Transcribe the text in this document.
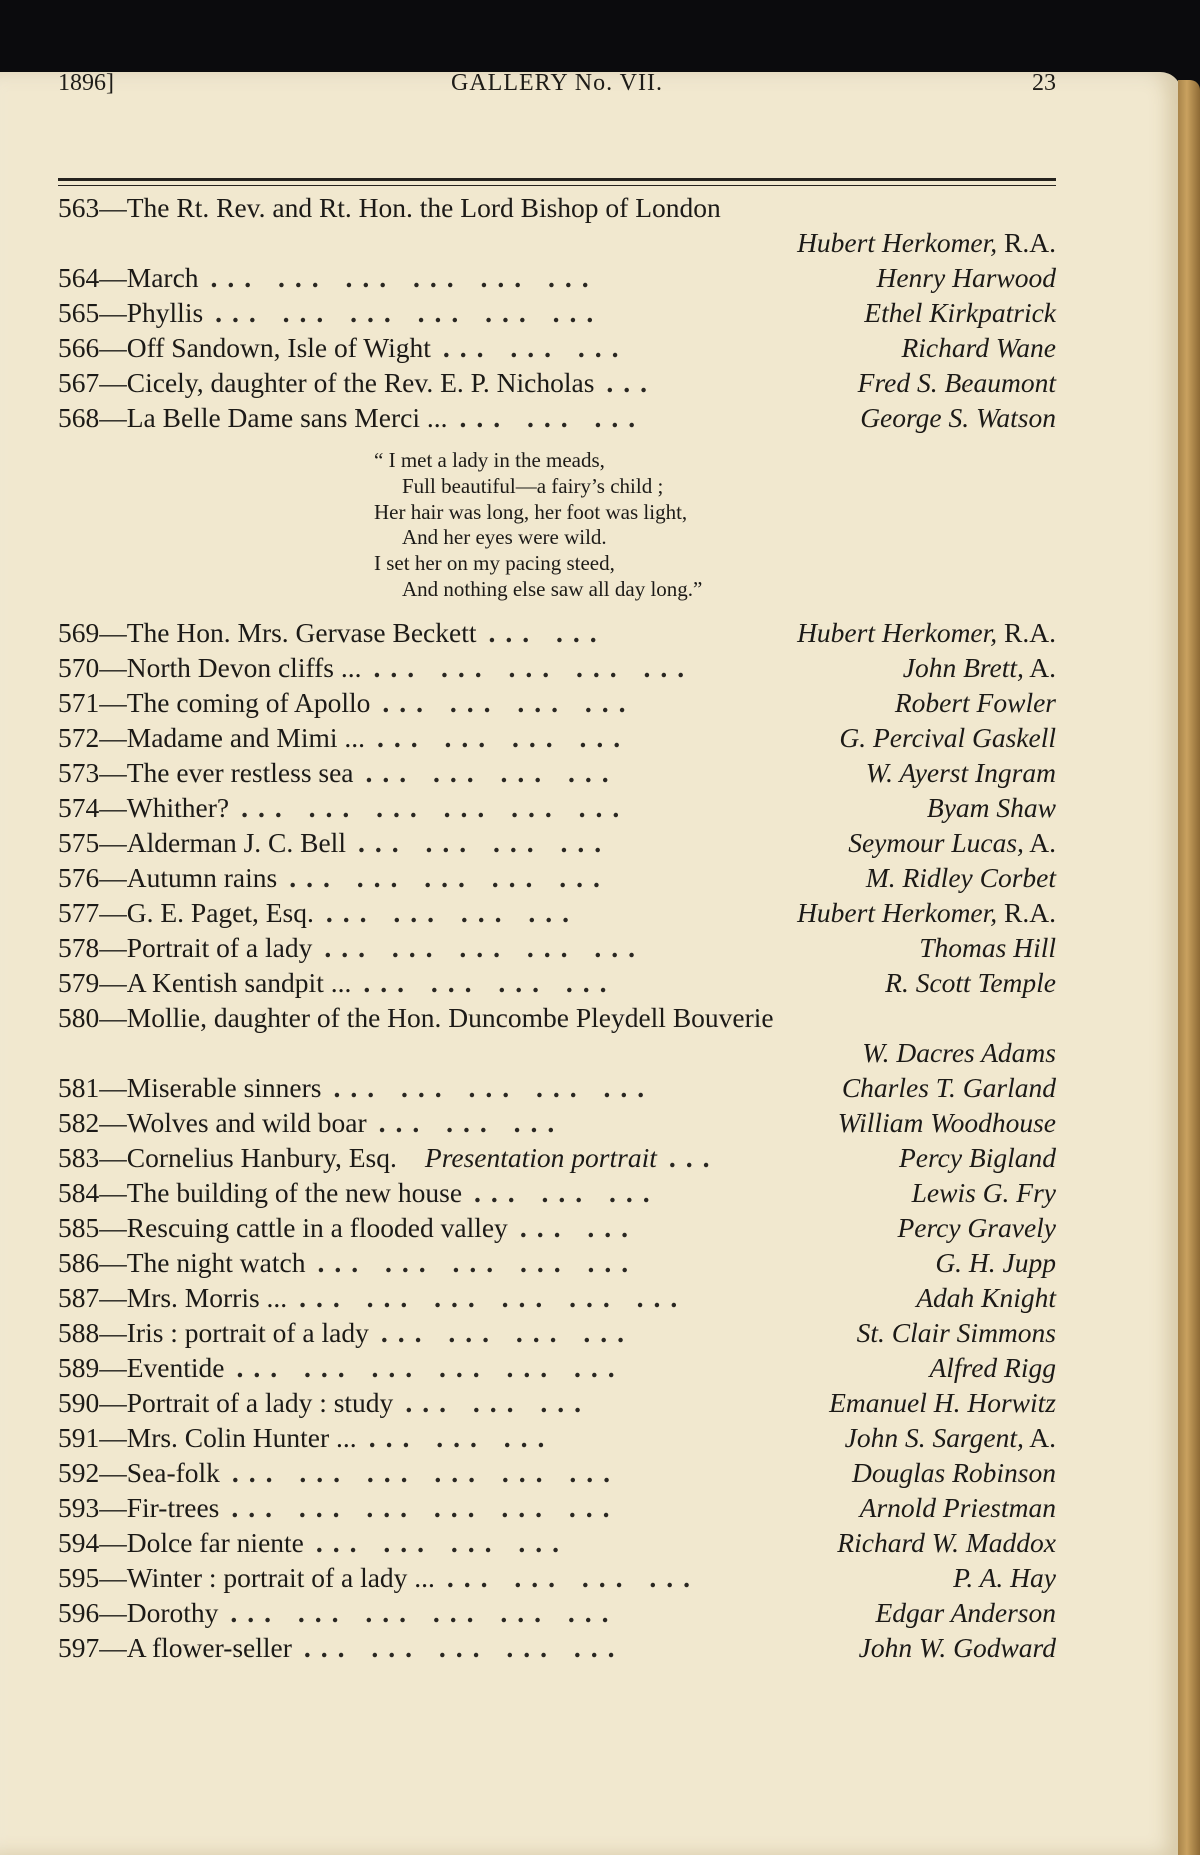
1896]	GALLERY No. VII.	23
563 —The Rt. Rev. and Rt. Hon. the Lord Bishop of London
Hubert Herkomer, R.A.
564 —March ... ... ... ... ... ...	Henry Harwood
565 —Phyllis ... ... ... ... ... ...	Ethel Kirkpatrick
566 —Off Sandown, Isle of Wight ... ... ...	Richard Wane
567 —Cicely, daughter of the Rev. E. P. Nicholas ...	Fred S. Beaumont
568 —La Belle Dame sans Merci ... ... ... ...	George S. Watson
“ I met a lady in the meads,
Full beautiful—a fairy’s child ;
Her hair was long, her foot was light,
And her eyes were wild.
I set her on my pacing steed,
And nothing else saw all day long.”
569 —The Hon. Mrs. Gervase Beckett ... ...	Hubert Herkomer, R.A.
570 —North Devon cliffs ... ... ... ... ... ...	John Brett, A.
571 —The coming of Apollo ... ... ... ...	Robert Fowler
572 —Madame and Mimi ... ... ... ... ...	G. Percival Gaskell
573 —The ever restless sea ... ... ... ...	W. Ayerst Ingram
574 —Whither? ... ... ... ... ... ...	Byam Shaw
575 —Alderman J. C. Bell ... ... ... ...	Seymour Lucas, A.
576 —Autumn rains ... ... ... ... ...	M. Ridley Corbet
577 —G. E. Paget, Esq. ... ... ... ...	Hubert Herkomer, R.A.
578 —Portrait of a lady ... ... ... ... ...	Thomas Hill
579 —A Kentish sandpit ... ... ... ... ...	R. Scott Temple
580 —Mollie, daughter of the Hon. Duncombe Pleydell Bouverie
W. Dacres Adams
581 —Miserable sinners ... ... ... ... ...	Charles T. Garland
582 —Wolves and wild boar ... ... ...	William Woodhouse
583 —Cornelius Hanbury, Esq. Presentation portrait ...	Percy Bigland
584 —The building of the new house ... ... ...	Lewis G. Fry
585 —Rescuing cattle in a flooded valley ... ...	Percy Gravely
586 —The night watch ... ... ... ... ...	G. H. Jupp
587 —Mrs. Morris ... ... ... ... ... ... ...	Adah Knight
588 —Iris : portrait of a lady ... ... ... ...	St. Clair Simmons
589 —Eventide ... ... ... ... ... ...	Alfred Rigg
590 —Portrait of a lady : study ... ... ...	Emanuel H. Horwitz
591 —Mrs. Colin Hunter ... ... ... ...	John S. Sargent, A.
592 —Sea-folk ... ... ... ... ... ...	Douglas Robinson
593 —Fir-trees ... ... ... ... ... ...	Arnold Priestman
594 —Dolce far niente ... ... ... ...	Richard W. Maddox
595 —Winter : portrait of a lady ... ... ... ... ...	P. A. Hay
596 —Dorothy ... ... ... ... ... ...	Edgar Anderson
597 —A flower-seller ... ... ... ... ...	John W. Godward
